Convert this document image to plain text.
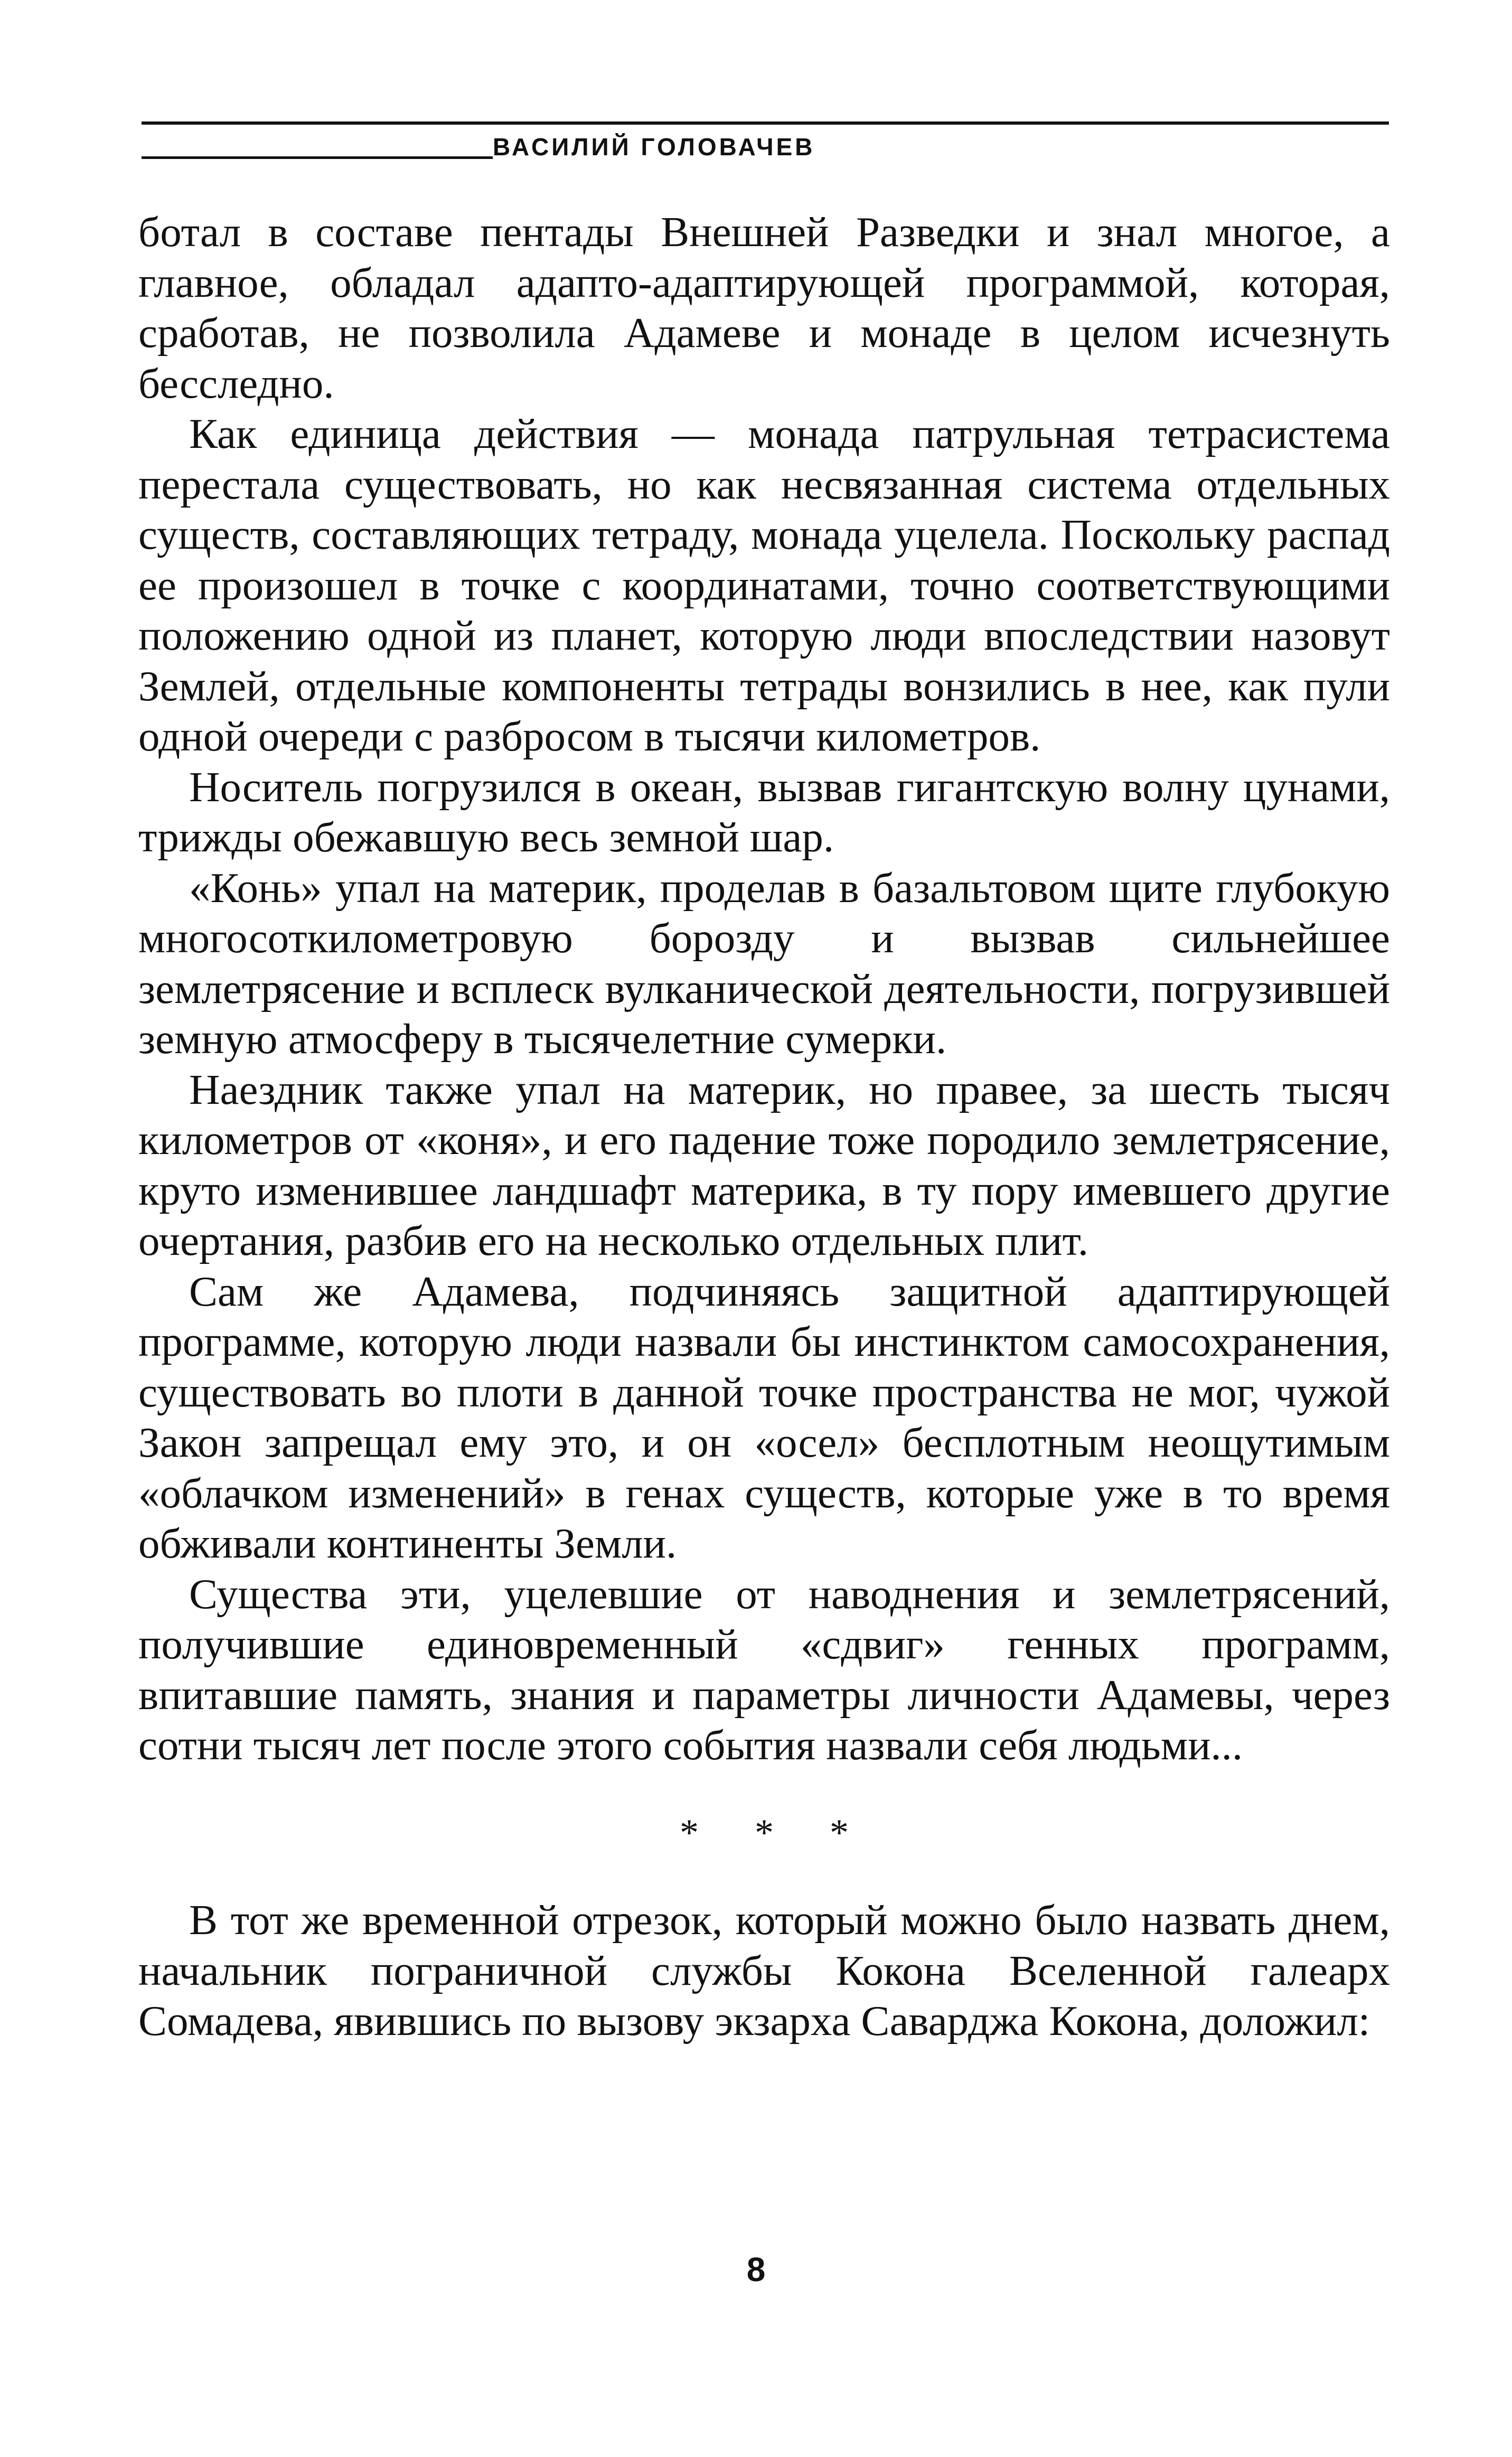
ВАСИЛИЙ ГОЛОВАЧЕВ

ботал в составе пентады Внешней Разведки и знал многое, а главное, обладал адапто-адаптирующей программой, которая, сработав, не позволила Адамеве и монаде в целом исчезнуть бесследно.

Как единица действия — монада патрульная тетрасистема перестала существовать, но как несвязанная система отдельных существ, составляющих тетраду, монада уцелела. Поскольку распад ее произошел в точке с координатами, точно соответствующими положению одной из планет, которую люди впоследствии назовут Землей, отдельные компоненты тетрады вонзились в нее, как пули одной очереди с разбросом в тысячи километров.

Носитель погрузился в океан, вызвав гигантскую волну цунами, трижды обежавшую весь земной шар.

«Конь» упал на материк, проделав в базальтовом щите глубокую многосоткилометровую борозду и вызвав сильнейшее землетрясение и всплеск вулканической деятельности, погрузившей земную атмосферу в тысячелетние сумерки.

Наездник также упал на материк, но правее, за шесть тысяч километров от «коня», и его падение тоже породило землетрясение, круто изменившее ландшафт материка, в ту пору имевшего другие очертания, разбив его на несколько отдельных плит.

Сам же Адамева, подчиняясь защитной адаптирующей программе, которую люди назвали бы инстинктом самосохранения, существовать во плоти в данной точке пространства не мог, чужой Закон запрещал ему это, и он «осел» бесплотным неощутимым «облачком изменений» в генах существ, которые уже в то время обживали континенты Земли.

Существа эти, уцелевшие от наводнения и землетрясений, получившие единовременный «сдвиг» генных программ, впитавшие память, знания и параметры личности Адамевы, через сотни тысяч лет после этого события назвали себя людьми...

* * *

В тот же временной отрезок, который можно было назвать днем, начальник пограничной службы Кокона Вселенной галеарх Сомадева, явившись по вызову экзарха Саварджа Кокона, доложил:

8
